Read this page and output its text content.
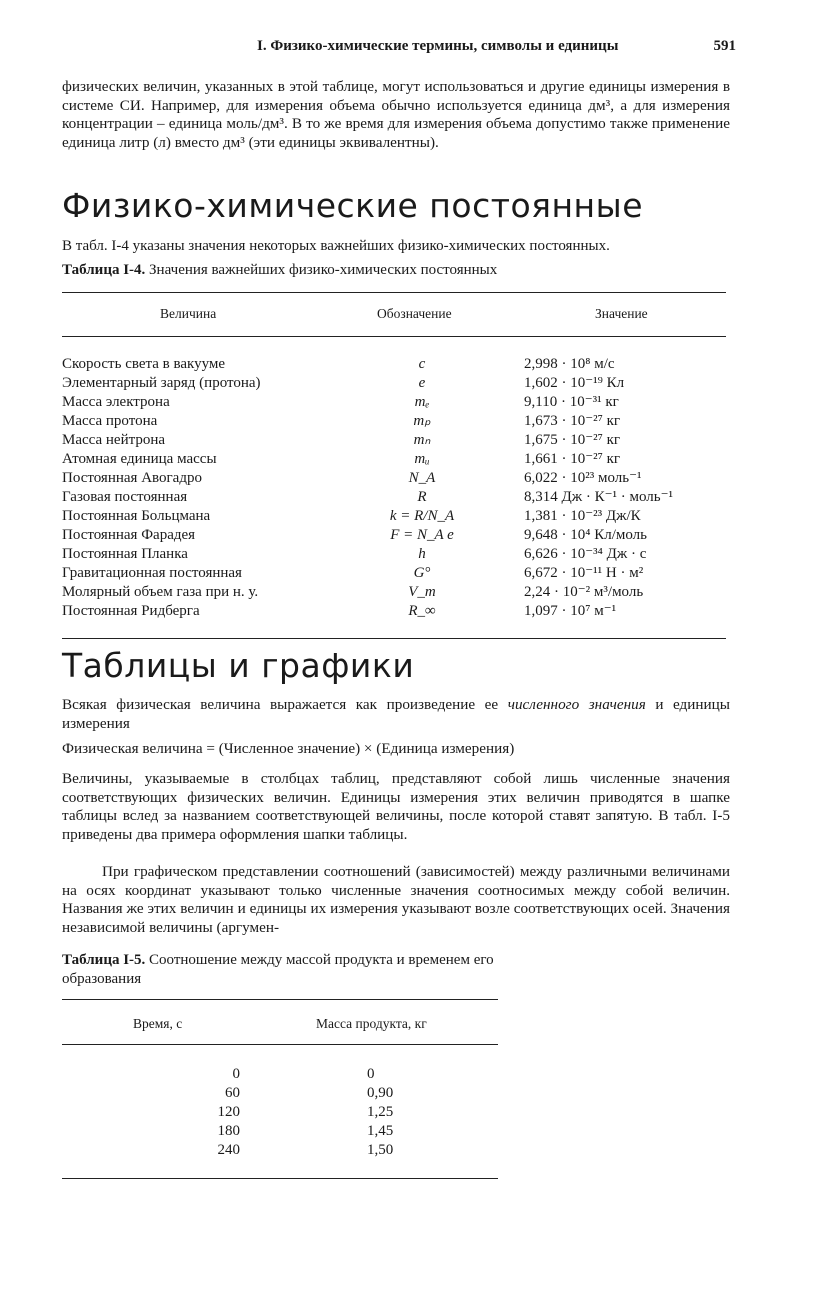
I. Физико-химические термины, символы и единицы	591

физических величин, указанных в этой таблице, могут использоваться и другие единицы измерения в системе СИ. Например, для измерения объема обычно используется единица дм³, а для измерения концентрации – единица моль/дм³. В то же время для измерения объема допустимо также применение единица литр (л) вместо дм³ (эти единицы эквивалентны).

Физико-химические постоянные

В табл. I-4 указаны значения некоторых важнейших физико-химических постоянных.

Таблица I-4. Значения важнейших физико-химических постоянных
Величина	Обозначение	Значение
Скорость света в вакууме	c	2,998 · 10⁸ м/с
Элементарный заряд (протона)	e	1,602 · 10⁻¹⁹ Кл
Масса электрона	mₑ	9,110 · 10⁻³¹ кг
Масса протона	mₚ	1,673 · 10⁻²⁷ кг
Масса нейтрона	mₙ	1,675 · 10⁻²⁷ кг
Атомная единица массы	mᵤ	1,661 · 10⁻²⁷ кг
Постоянная Авогадро	N_A	6,022 · 10²³ моль⁻¹
Газовая постоянная	R	8,314 Дж · К⁻¹ · моль⁻¹
Постоянная Больцмана	k = R/N_A	1,381 · 10⁻²³ Дж/К
Постоянная Фарадея	F = N_A e	9,648 · 10⁴ Кл/моль
Постоянная Планка	h	6,626 · 10⁻³⁴ Дж · с
Гравитационная постоянная	G°	6,672 · 10⁻¹¹ Н · м²
Молярный объем газа при н. у.	V_m	2,24 · 10⁻² м³/моль
Постоянная Ридберга	R_∞	1,097 · 10⁷ м⁻¹
Таблицы и графики

Всякая физическая величина выражается как произведение ее численного значения и единицы измерения

Физическая величина = (Численное значение) × (Единица измерения)

Величины, указываемые в столбцах таблиц, представляют собой лишь численные значения соответствующих физических величин. Единицы измерения этих величин приводятся в шапке таблицы вслед за названием соответствующей величины, после которой ставят запятую. В табл. I-5 приведены два примера оформления шапки таблицы.

При графическом представлении соотношений (зависимостей) между различными величинами на осях координат указывают только численные значения соотносимых между собой величин. Названия же этих величин и единицы их измерения указывают возле соответствующих осей. Значения независимой величины (аргумен-

Таблица I-5. Соотношение между массой продукта и временем его образования
Время, с	Масса продукта, кг
0	0
60	0,90
120	1,25
180	1,45
240	1,50
